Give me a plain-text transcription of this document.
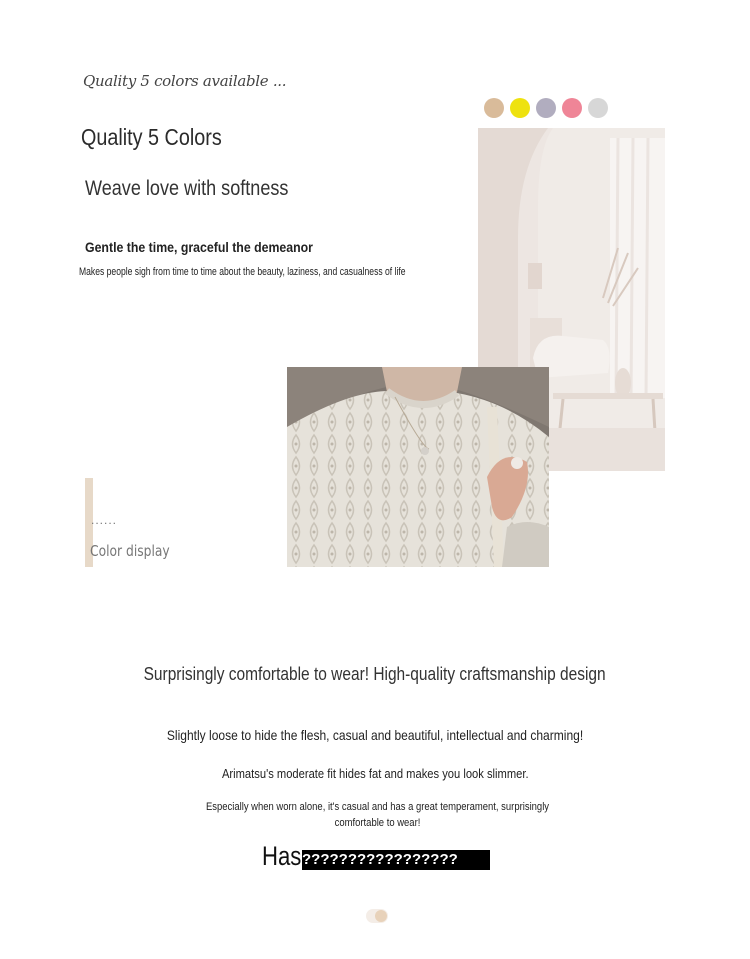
Quality 5 colors available ...
Quality 5 Colors
Weave love with softness
Gentle the time, graceful the demeanor
Makes people sigh from time to time about the beauty, laziness, and casualness of life
......
Color display
Surprisingly comfortable to wear! High-quality craftsmanship design
Slightly loose to hide the flesh, casual and beautiful, intellectual and charming!
Arimatsu's moderate fit hides fat and makes you look slimmer.
Especially when worn alone, it's casual and has a great temperament, surprisingly comfortable to wear!
Has ?????????????????
